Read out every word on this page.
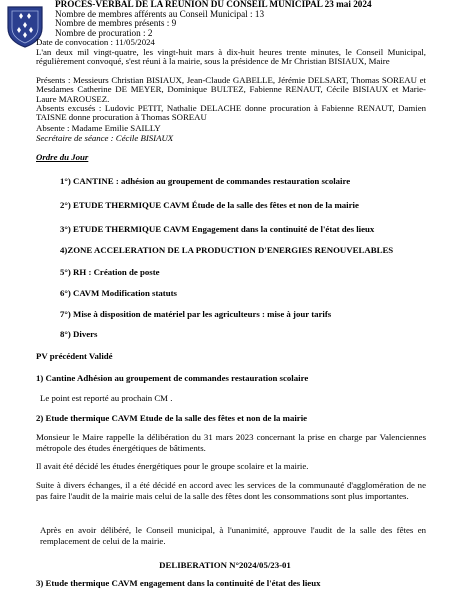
PROCES-VERBAL DE LA REUNION DU CONSEIL MUNICIPAL 23 mai 2024
Nombre de membres afférents au Conseil Municipal : 13
Nombre de membres présents : 9
Nombre de procuration : 2
Date de convocation : 11/05/2024
L'an deux mil vingt-quatre, les vingt-huit mars à dix-huit heures trente minutes, le Conseil Municipal, régulièrement convoqué, s'est réuni à la mairie, sous la présidence de Mr Christian BISIAUX, Maire
Présents : Messieurs Christian BISIAUX, Jean-Claude GABELLE, Jérémie DELSART, Thomas SOREAU et Mesdames Catherine DE MEYER, Dominique BULTEZ, Fabienne RENAUT, Cécile BISIAUX et Marie-Laure MAROUSEZ.
Absents excusés : Ludovic PETIT, Nathalie DELACHE donne procuration à Fabienne RENAUT, Damien TAISNE donne procuration à Thomas SOREAU
Absente : Madame Emilie SAILLY
Secrétaire de séance : Cécile BISIAUX
Ordre du Jour
1°) CANTINE : adhésion au groupement de commandes restauration scolaire
2°) ETUDE THERMIQUE CAVM Étude de la salle des fêtes et non de la mairie
3°) ETUDE THERMIQUE CAVM Engagement dans la continuité de l'état des lieux
4)ZONE ACCELERATION DE LA PRODUCTION D'ENERGIES RENOUVELABLES
5°) RH : Création de poste
6°) CAVM Modification statuts
7°) Mise à disposition de matériel par les agriculteurs : mise à jour tarifs
8°) Divers
PV précédent Validé
1) Cantine Adhésion au groupement de commandes restauration scolaire
Le point est reporté au prochain CM .
2) Etude thermique CAVM Etude de la salle des fêtes et non de la mairie
Monsieur le Maire rappelle la délibération du 31 mars 2023 concernant la prise en charge par Valenciennes métropole des études énergétiques de bâtiments.
Il avait été décidé les études énergétiques pour le groupe scolaire et la mairie.
Suite à divers échanges, il a été décidé en accord avec les services de la communauté d'agglomération de ne pas faire l'audit de la mairie mais celui de la salle des fêtes dont les consommations sont plus importantes.
Après en avoir délibéré, le Conseil municipal, à l'unanimité, approuve l'audit de la salle des fêtes en remplacement de celui de la mairie.
DELIBERATION N°2024/05/23-01
3) Etude thermique CAVM engagement dans la continuité de l'état des lieux
